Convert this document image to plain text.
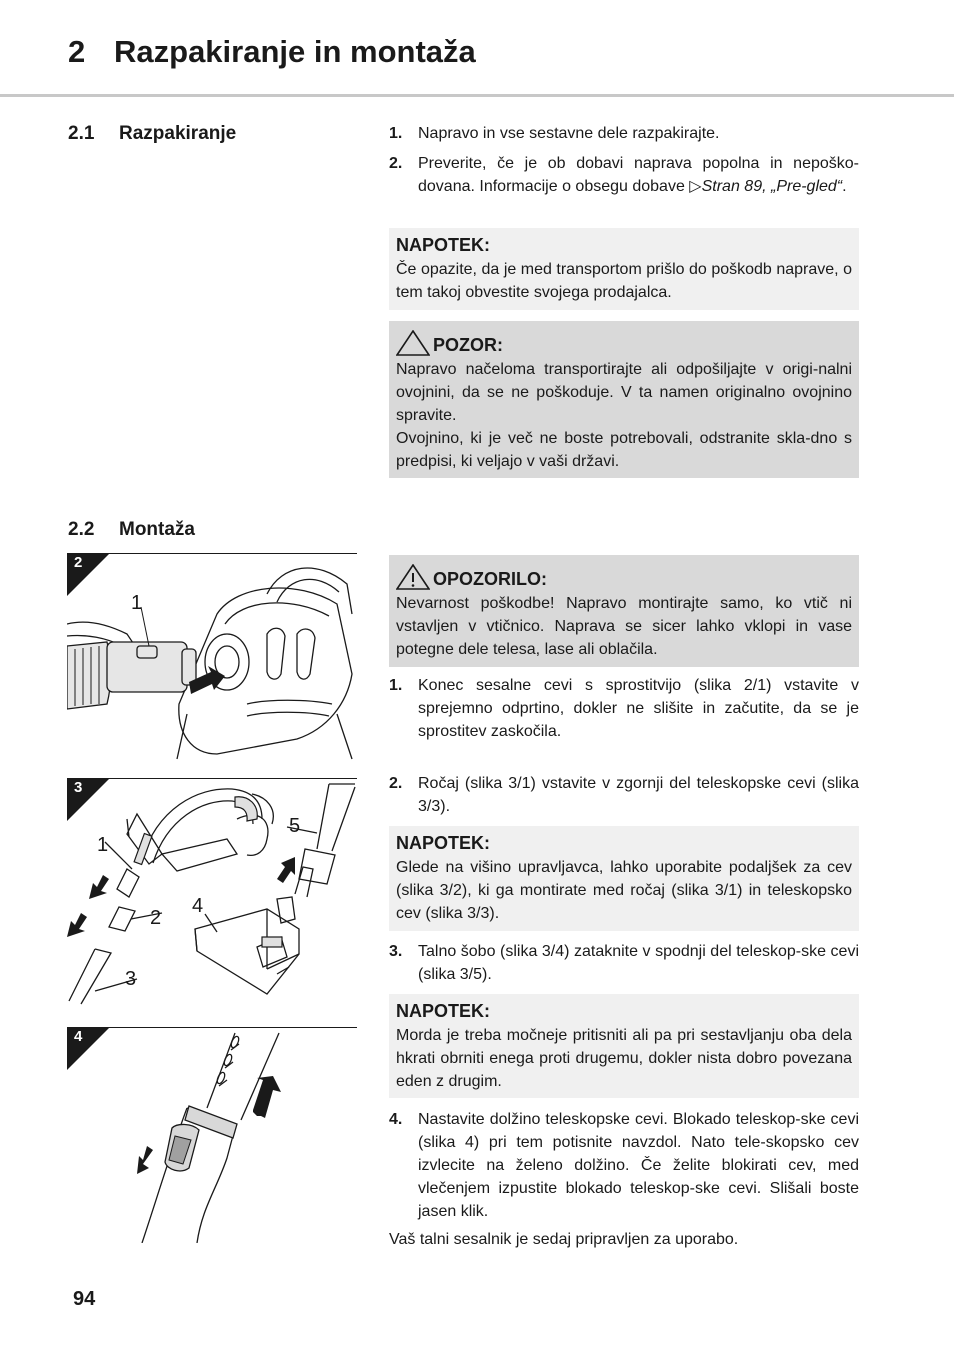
2 Razpakiranje in montaža
2.1 Razpakiranje	1. Napravo in vse sestavne dele razpakirajte.
2. Preverite, če je ob dobavi naprava popolna in nepoško-dovana. Informacije o obsegu dobave ▷Stran 89, „Pre-gled“.
NAPOTEK:
Če opazite, da je med transportom prišlo do poškodb naprave, o tem takoj obvestite svojega prodajalca.
POZOR:
Napravo načeloma transportirajte ali odpošiljajte v origi-nalni ovojnini, da se ne poškoduje. V ta namen originalno ovojnino spravite.
Ovojnino, ki je več ne boste potrebovali, odstranite skla-dno s predpisi, ki veljajo v vaši državi.
2.2 Montaža
OPOZORILO:
Nevarnost poškodbe! Napravo montirajte samo, ko vtič ni vstavljen v vtičnico. Naprava se sicer lahko vklopi in vase potegne dele telesa, lase ali oblačila.
1. Konec sesalne cevi s sprostitvijo (slika 2/1) vstavite v sprejemno odprtino, dokler ne slišite in začutite, da se je sprostitev zaskočila.
2. Ročaj (slika 3/1) vstavite v zgornji del teleskopske cevi (slika 3/3).
NAPOTEK:
Glede na višino upravljavca, lahko uporabite podaljšek za cev (slika 3/2), ki ga montirate med ročaj (slika 3/1) in teleskopsko cev (slika 3/3).
3. Talno šobo (slika 3/4) zataknite v spodnji del teleskop-ske cevi (slika 3/5).
NAPOTEK:
Morda je treba močneje pritisniti ali pa pri sestavljanju oba dela hkrati obrniti enega proti drugemu, dokler nista dobro povezana eden z drugim.
4. Nastavite dolžino teleskopske cevi. Blokado teleskop-ske cevi (slika 4) pri tem potisnite navzdol. Nato tele-skopsko cev izvlecite na želeno dolžino. Če želite blokirati cev, med vlečenjem izpustite blokado teleskop-ske cevi. Slišali boste jasen klik.
Vaš talni sesalnik je sedaj pripravljen za uporabo.
1
2
1
2
3
4
5
3
4
94
